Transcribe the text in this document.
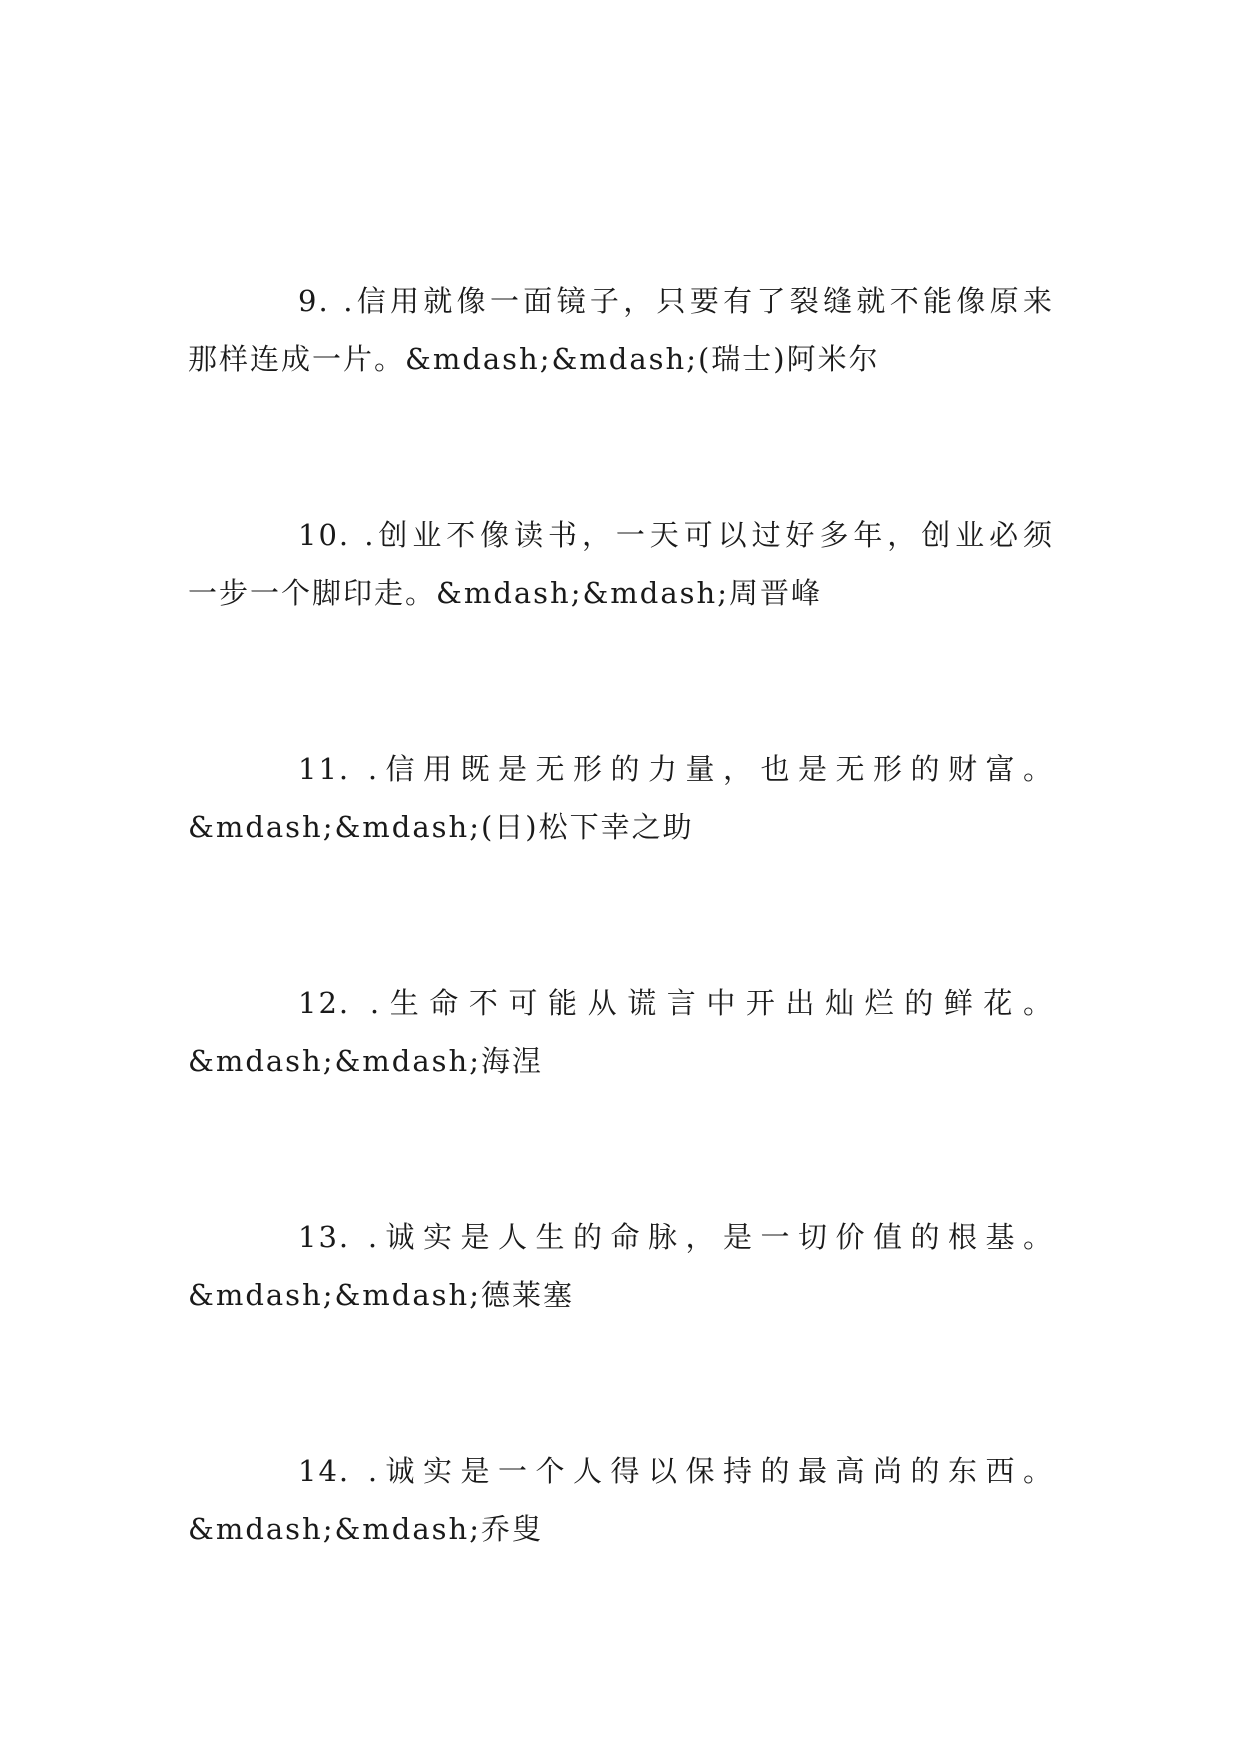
9. .信用就像一面镜子，只要有了裂缝就不能像原来
那样连成一片。&mdash;&mdash;(瑞士)阿米尔

10. .创业不像读书，一天可以过好多年，创业必须
一步一个脚印走。&mdash;&mdash;周晋峰

11. .信用既是无形的力量，也是无形的财富。
&mdash;&mdash;(日)松下幸之助

12. .生命不可能从谎言中开出灿烂的鲜花。
&mdash;&mdash;海涅

13. .诚实是人生的命脉，是一切价值的根基。
&mdash;&mdash;德莱塞

14. .诚实是一个人得以保持的最高尚的东西。
&mdash;&mdash;乔叟
